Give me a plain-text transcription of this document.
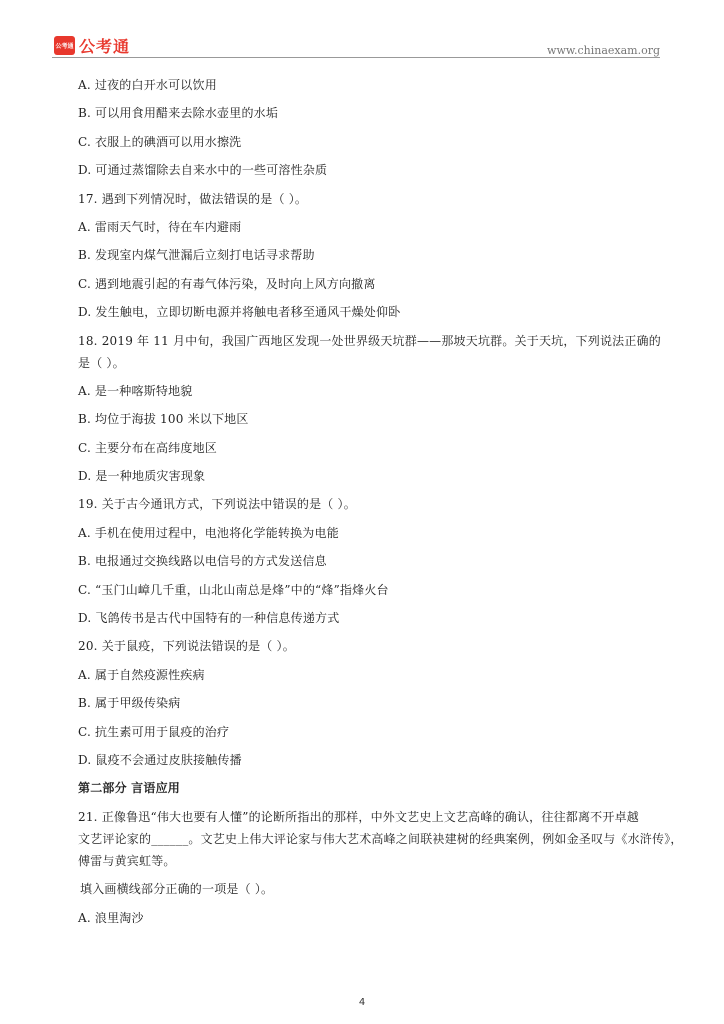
公考通 公考通	www.chinaexam.org
A. 过夜的白开水可以饮用
B. 可以用食用醋来去除水壶里的水垢
C. 衣服上的碘酒可以用水擦洗
D. 可通过蒸馏除去自来水中的一些可溶性杂质
17. 遇到下列情况时，做法错误的是（ ）。
A. 雷雨天气时，待在车内避雨
B. 发现室内煤气泄漏后立刻打电话寻求帮助
C. 遇到地震引起的有毒气体污染，及时向上风方向撤离
D. 发生触电，立即切断电源并将触电者移至通风干燥处仰卧
18. 2019 年 11 月中旬，我国广西地区发现一处世界级天坑群——那坡天坑群。关于天坑，下列说法正确的
是（ ）。
A. 是一种喀斯特地貌
B. 均位于海拔 100 米以下地区
C. 主要分布在高纬度地区
D. 是一种地质灾害现象
19. 关于古今通讯方式，下列说法中错误的是（ ）。
A. 手机在使用过程中，电池将化学能转换为电能
B. 电报通过交换线路以电信号的方式发送信息
C. “玉门山嶂几千重，山北山南总是烽”中的“烽”指烽火台
D. 飞鸽传书是古代中国特有的一种信息传递方式
20. 关于鼠疫，下列说法错误的是（ ）。
A. 属于自然疫源性疾病
B. 属于甲级传染病
C. 抗生素可用于鼠疫的治疗
D. 鼠疫不会通过皮肤接触传播
第二部分 言语应用
21. 正像鲁迅“伟大也要有人懂”的论断所指出的那样，中外文艺史上文艺高峰的确认，往往都离不开卓越
文艺评论家的______。文艺史上伟大评论家与伟大艺术高峰之间联袂建树的经典案例，例如金圣叹与《水浒传》，
傅雷与黄宾虹等。
填入画横线部分正确的一项是（ ）。
A. 浪里淘沙
4
